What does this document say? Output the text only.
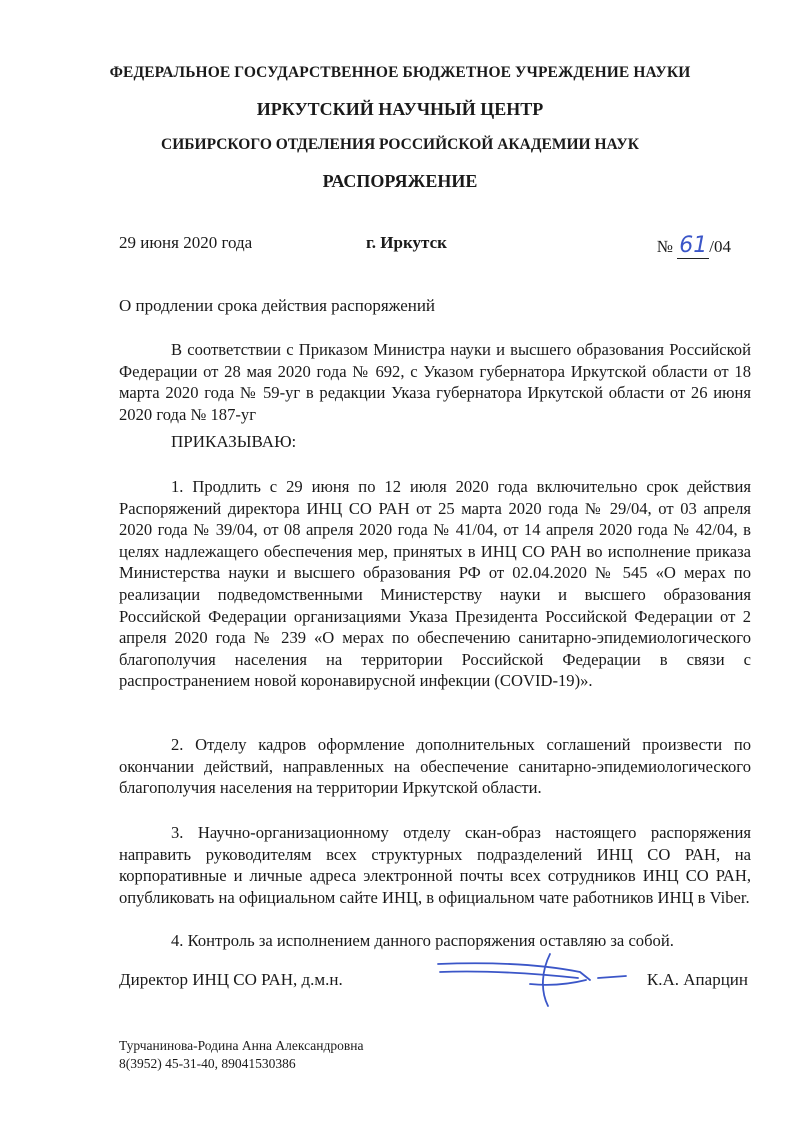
ФЕДЕРАЛЬНОЕ ГОСУДАРСТВЕННОЕ БЮДЖЕТНОЕ УЧРЕЖДЕНИЕ НАУКИ
ИРКУТСКИЙ НАУЧНЫЙ ЦЕНТР
СИБИРСКОГО ОТДЕЛЕНИЯ РОССИЙСКОЙ АКАДЕМИИ НАУК
РАСПОРЯЖЕНИЕ
29 июня 2020 года	г. Иркутск	№ 61 /04
О продлении срока действия распоряжений

В соответствии с Приказом Министра науки и высшего образования Российской Федерации от 28 мая 2020 года № 692, с Указом губернатора Иркутской области от 18 марта 2020 года № 59-уг в редакции Указа губернатора Иркутской области от 26 июня 2020 года № 187-уг

ПРИКАЗЫВАЮ:

1. Продлить с 29 июня по 12 июля 2020 года включительно срок действия Распоряжений директора ИНЦ СО РАН от 25 марта 2020 года № 29/04, от 03 апреля 2020 года № 39/04, от 08 апреля 2020 года № 41/04, от 14 апреля 2020 года № 42/04, в целях надлежащего обеспечения мер, принятых в ИНЦ СО РАН во исполнение приказа Министерства науки и высшего образования РФ от 02.04.2020 № 545 «О мерах по реализации подведомственными Министерству науки и высшего образования Российской Федерации организациями Указа Президента Российской Федерации от 2 апреля 2020 года № 239 «О мерах по обеспечению санитарно-эпидемиологического благополучия населения на территории Российской Федерации в связи с распространением новой коронавирусной инфекции (COVID-19)».

2. Отделу кадров оформление дополнительных соглашений произвести по окончании действий, направленных на обеспечение санитарно-эпидемиологического благополучия населения на территории Иркутской области.

3. Научно-организационному отделу скан-образ настоящего распоряжения направить руководителям всех структурных подразделений ИНЦ СО РАН, на корпоративные и личные адреса электронной почты всех сотрудников ИНЦ СО РАН, опубликовать на официальном сайте ИНЦ, в официальном чате работников ИНЦ в Viber.

4. Контроль за исполнением данного распоряжения оставляю за собой.

Директор ИНЦ СО РАН, д.м.н.	К.А. Апарцин
Турчанинова-Родина Анна Александровна
8(3952) 45-31-40, 89041530386
